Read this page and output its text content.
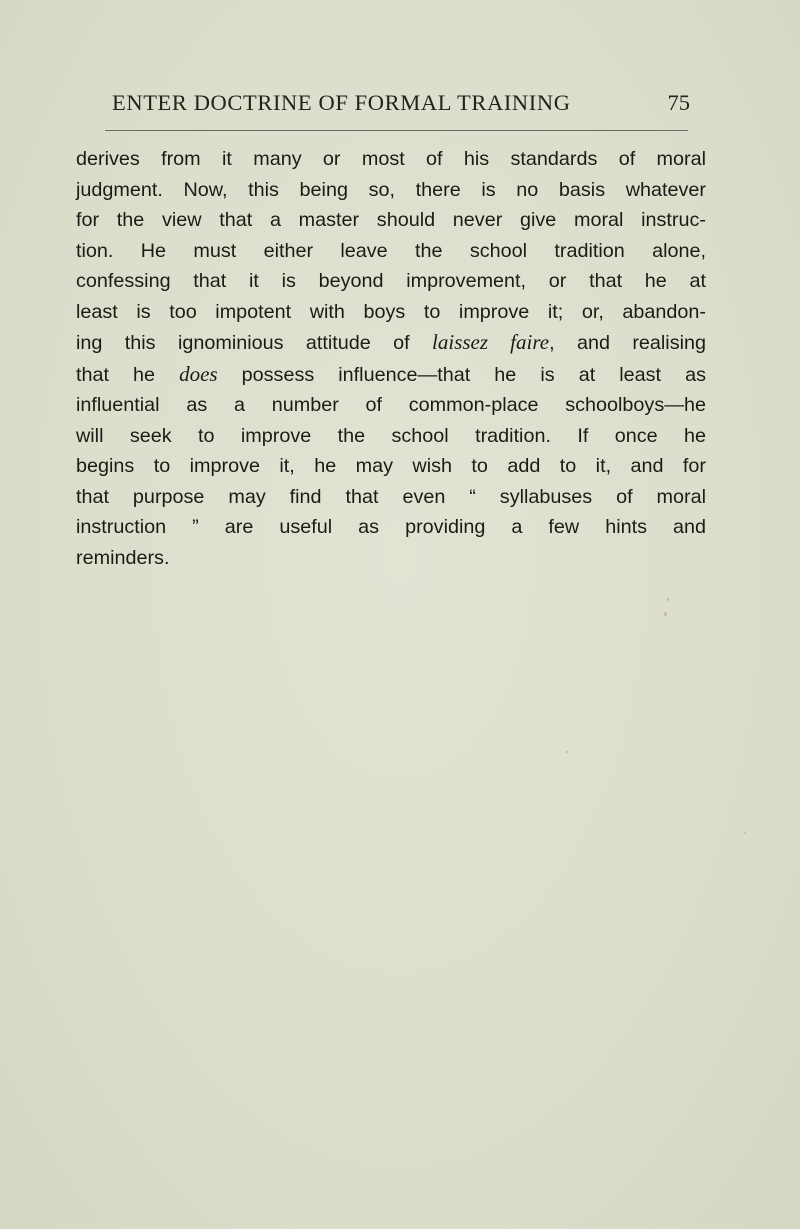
ENTER DOCTRINE OF FORMAL TRAINING	75

derives from it many or most of his standards of moral
judgment. Now, this being so, there is no basis whatever
for the view that a master should never give moral instruc-
tion. He must either leave the school tradition alone,
confessing that it is beyond improvement, or that he at
least is too impotent with boys to improve it; or, abandon-
ing this ignominious attitude of laissez faire, and realising
that he does possess influence—that he is at least as
influential as a number of common-place schoolboys—he
will seek to improve the school tradition. If once he
begins to improve it, he may wish to add to it, and for
that purpose may find that even “ syllabuses of moral
instruction ” are useful as providing a few hints and
reminders.
